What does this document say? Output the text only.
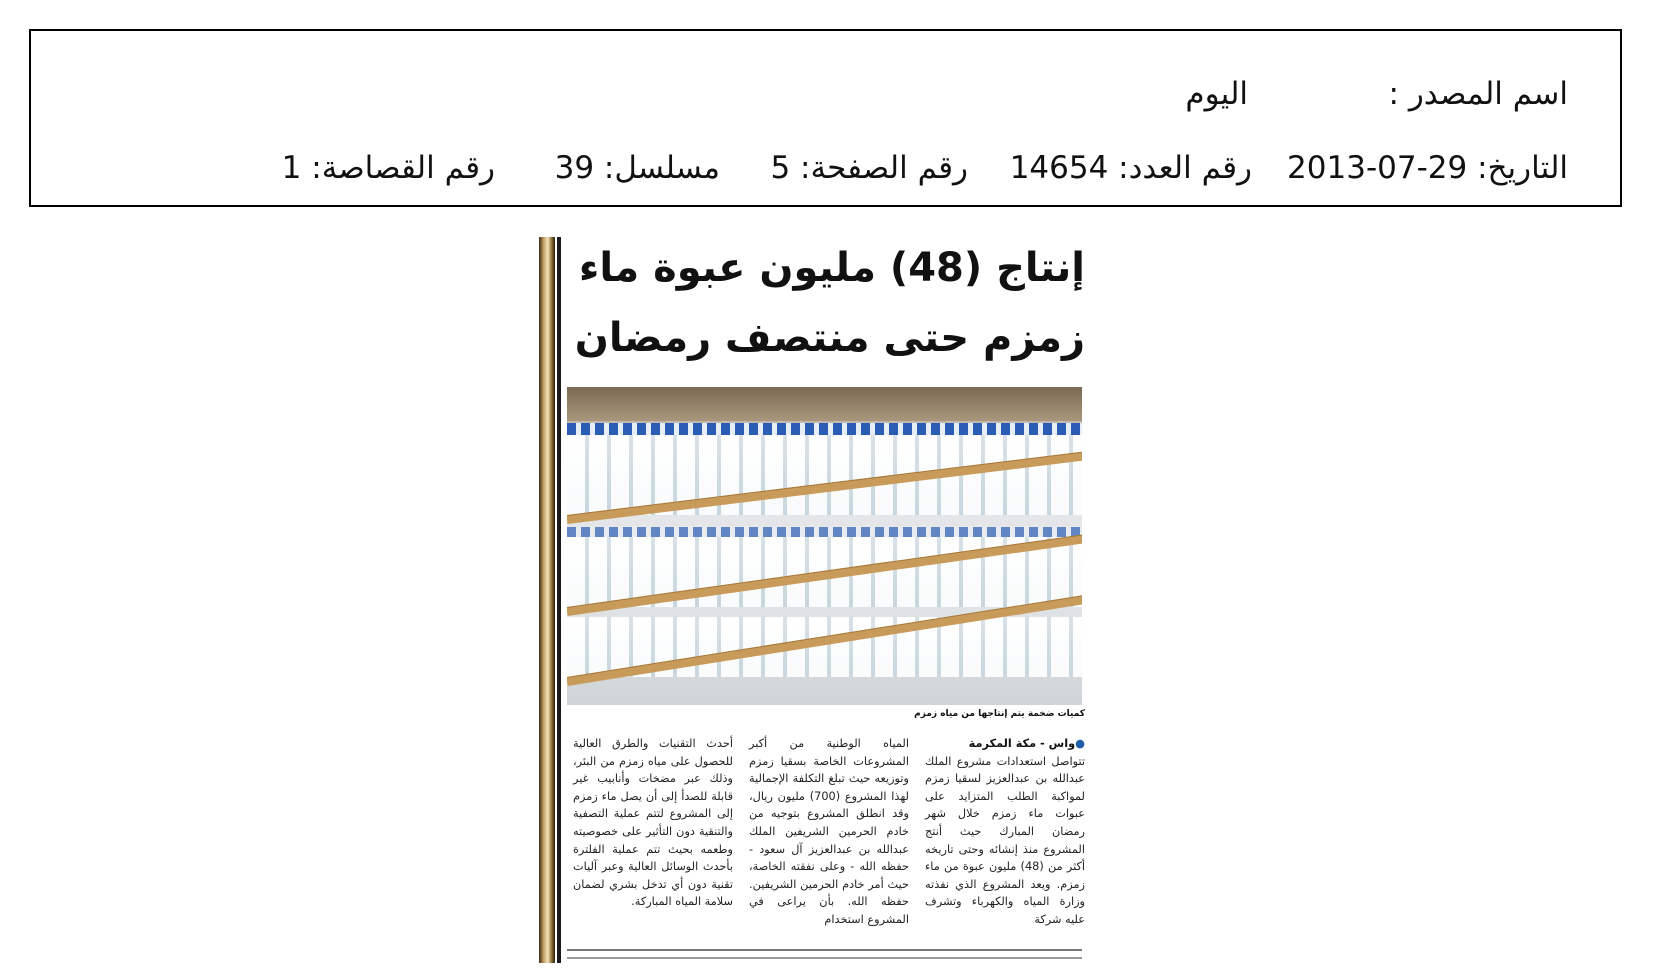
اسم المصدر :
اليوم
التاريخ: 29-07-2013
رقم العدد: 14654
رقم الصفحة: 5
مسلسل: 39
رقم القصاصة: 1
إنتاج (48) مليون عبوة ماء
زمزم حتى منتصف رمضان
كميات ضخمة يتم إنتاجها من مياه زمزم
●واس - مكة المكرمة
تتواصل استعدادات مشروع الملك عبدالله بن عبدالعزيز لسقيا زمزم لمواكبة الطلب المتزايد على عبوات ماء زمزم خلال شهر رمضان المبارك حيث أنتج المشروع منذ إنشائه وحتى تاريخه أكثر من (48) مليون عبوة من ماء زمزم. ويعد المشروع الذي نفذته وزارة المياه والكهرباء وتشرف عليه شركة
المياه الوطنية من أكبر المشروعات الخاصة بسقيا زمزم وتوزيعه حيث تبلغ التكلفة الإجمالية لهذا المشروع (700) مليون ريال، وقد انطلق المشروع بتوجيه من خادم الحرمين الشريفين الملك عبدالله بن عبدالعزيز آل سعود - حفظه الله - وعلى نفقته الخاصة، حيث أمر خادم الحرمين الشريفين. حفظه الله. بأن يراعى في المشروع استخدام
أحدث التقنيات والطرق العالية للحصول على مياه زمزم من البئر، وذلك عبر مضخات وأنابيب غير قابلة للصدأ إلى أن يصل ماء زمزم إلى المشروع لتتم عملية التصفية والتنقية دون التأثير على خصوصيته وطعمه بحيث تتم عملية الفلترة بأحدث الوسائل العالية وعبر آليات تقنية دون أي تدخل بشري لضمان سلامة المياه المباركة.
